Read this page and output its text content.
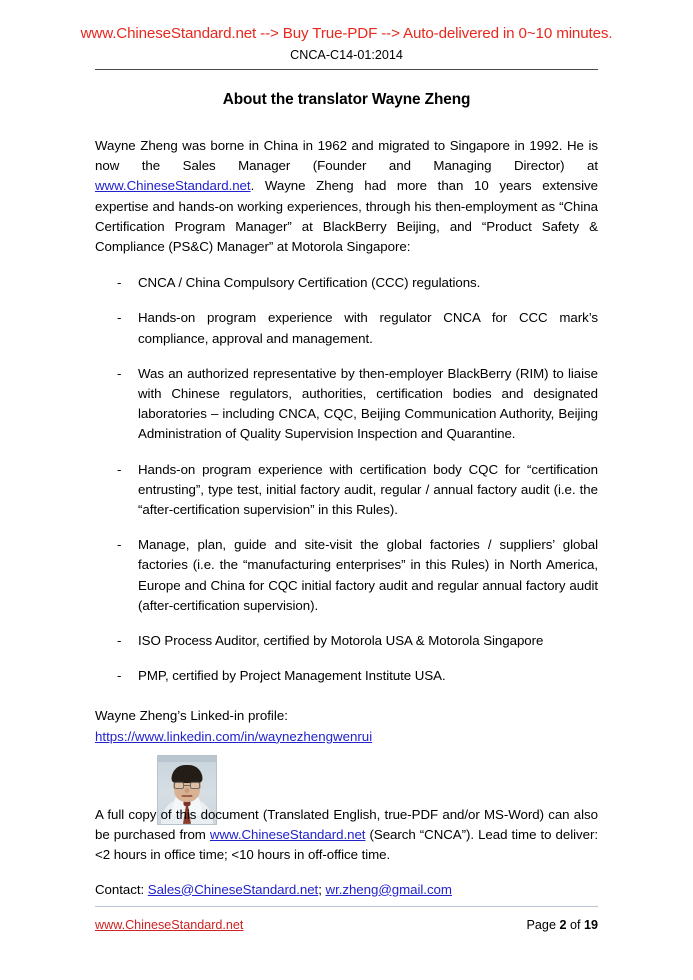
www.ChineseStandard.net --> Buy True-PDF --> Auto-delivered in 0~10 minutes.
CNCA-C14-01:2014
About the translator Wayne Zheng

Wayne Zheng was borne in China in 1962 and migrated to Singapore in 1992. He is now the Sales Manager (Founder and Managing Director) at www.ChineseStandard.net. Wayne Zheng had more than 10 years extensive expertise and hands-on working experiences, through his then-employment as “China Certification Program Manager” at BlackBerry Beijing, and “Product Safety & Compliance (PS&C) Manager” at Motorola Singapore:

- CNCA / China Compulsory Certification (CCC) regulations.
- Hands-on program experience with regulator CNCA for CCC mark’s compliance, approval and management.
- Was an authorized representative by then-employer BlackBerry (RIM) to liaise with Chinese regulators, authorities, certification bodies and designated laboratories – including CNCA, CQC, Beijing Communication Authority, Beijing Administration of Quality Supervision Inspection and Quarantine.
- Hands-on program experience with certification body CQC for “certification entrusting”, type test, initial factory audit, regular / annual factory audit (i.e. the “after-certification supervision” in this Rules).
- Manage, plan, guide and site-visit the global factories / suppliers’ global factories (i.e. the “manufacturing enterprises” in this Rules) in North America, Europe and China for CQC initial factory audit and regular annual factory audit (after-certification supervision).
- ISO Process Auditor, certified by Motorola USA & Motorola Singapore
- PMP, certified by Project Management Institute USA.
Wayne Zheng’s Linked-in profile:
https://www.linkedin.com/in/waynezhengwenrui

A full copy of this document (Translated English, true-PDF and/or MS-Word) can also be purchased from www.ChineseStandard.net (Search “CNCA”). Lead time to deliver: <2 hours in office time; <10 hours in off-office time.

Contact: Sales@ChineseStandard.net; wr.zheng@gmail.com

www.ChineseStandard.net	Page 2 of 19
